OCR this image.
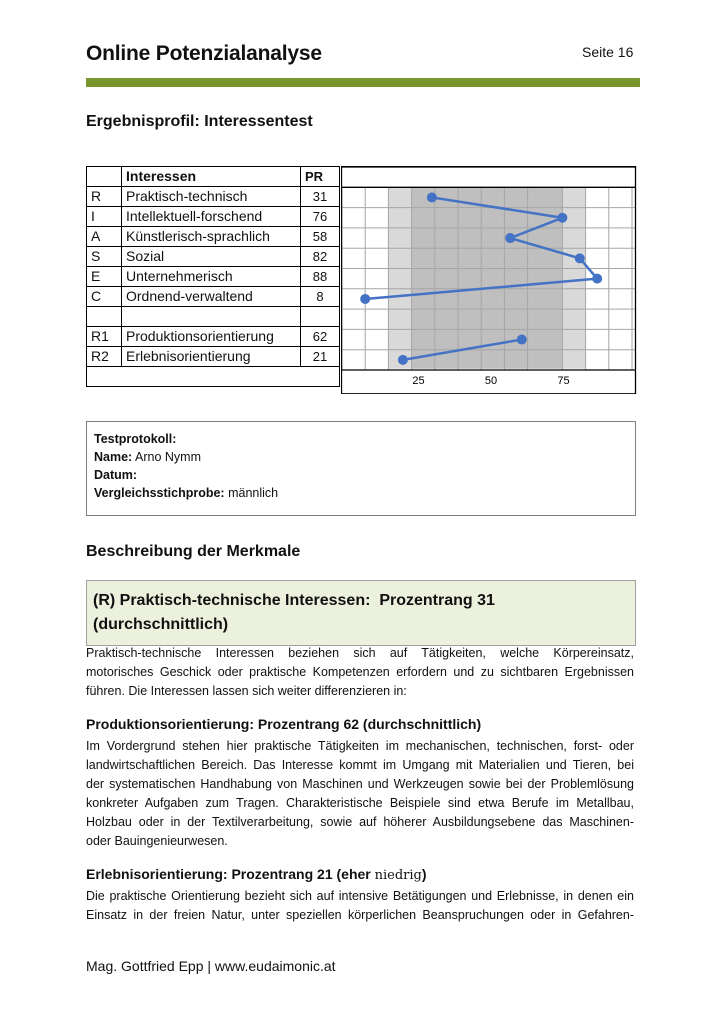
Online Potenzialanalyse	Seite 16
Ergebnisprofil: Interessentest
	Interessen	PR
R	Praktisch-technisch	31
I	Intellektuell-forschend	76
A	Künstlerisch-sprachlich	58
S	Sozial	82
E	Unternehmerisch	88
C	Ordnend-verwaltend	8

R1	Produktionsorientierung	62
R2	Erlebnisorientierung	21

25	50	75
Testprotokoll:
Name: Arno Nymm
Datum:
Vergleichsstichprobe: männlich
Beschreibung der Merkmale
(R) Praktisch-technische Interessen:  Prozentrang 31
(durchschnittlich)
Praktisch-technische Interessen beziehen sich auf Tätigkeiten, welche Körpereinsatz,
motorisches Geschick oder praktische Kompetenzen erfordern und zu sichtbaren Ergebnissen
führen. Die Interessen lassen sich weiter differenzieren in:
Produktionsorientierung: Prozentrang 62 (durchschnittlich)
Im Vordergrund stehen hier praktische Tätigkeiten im mechanischen, technischen, forst- oder
landwirtschaftlichen Bereich. Das Interesse kommt im Umgang mit Materialien und Tieren, bei
der systematischen Handhabung von Maschinen und Werkzeugen sowie bei der Problemlösung
konkreter Aufgaben zum Tragen. Charakteristische Beispiele sind etwa Berufe im Metallbau,
Holzbau oder in der Textilverarbeitung, sowie auf höherer Ausbildungsebene das Maschinen-
oder Bauingenieurwesen.
Erlebnisorientierung: Prozentrang 21 (eher niedrig)
Die praktische Orientierung bezieht sich auf intensive Betätigungen und Erlebnisse, in denen ein
Einsatz in der freien Natur, unter speziellen körperlichen Beanspruchungen oder in Gefahren-
Mag. Gottfried Epp | www.eudaimonic.at
